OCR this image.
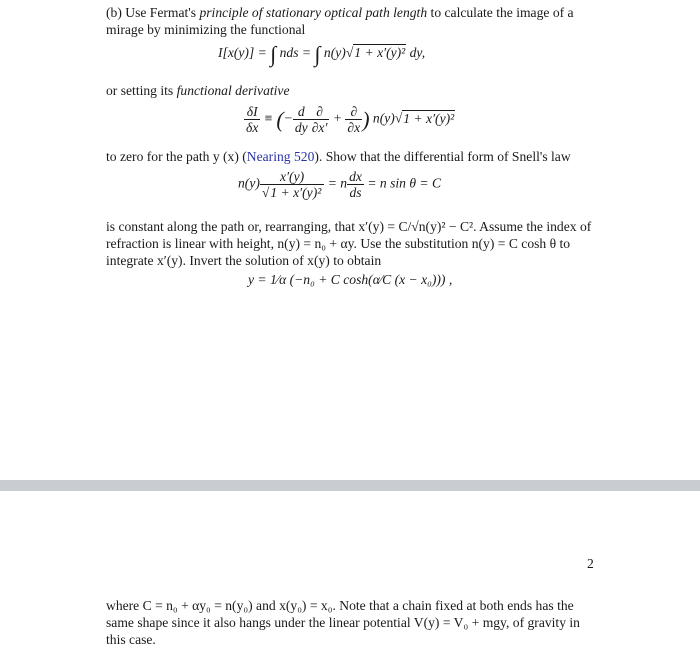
(b) Use Fermat's principle of stationary optical path length to calculate the image of a mirage by minimizing the functional
I[x(y)] = ∫ nds = ∫ n(y)√1 + x′(y)² dy,
or setting its functional derivative
$\frac{\delta I}{\delta x}$ ≡ (− $\frac{d}{dy} \frac{\partial}{\partial x'} + \frac{\partial}{\partial x}$ ) n(y)√1 + x′(y)²
to zero for the path y (x) (Nearing 520). Show that the differential form of Snell's law
$n(y) \frac{x'(y)}{\text{√1 + x′(y)²}} = n \frac{dx}{ds} = n$ sin θ = C
is constant along the path or, rearranging, that x′(y) = C/√n(y)² − C². Assume the index of refraction is linear with height, n(y) = n₀ + αy. Use the substitution n(y) = C cosh θ to integrate x′(y). Invert the solution of x(y) to obtain
y = 1⁄α (−n₀ + C cosh(α⁄C (x − x₀))) ,
2
where C = n₀ + αy₀ = n(y₀) and x(y₀) = x₀. Note that a chain fixed at both ends has the same shape since it also hangs under the linear potential V(y) = V₀ + mgy, of gravity in this case.
